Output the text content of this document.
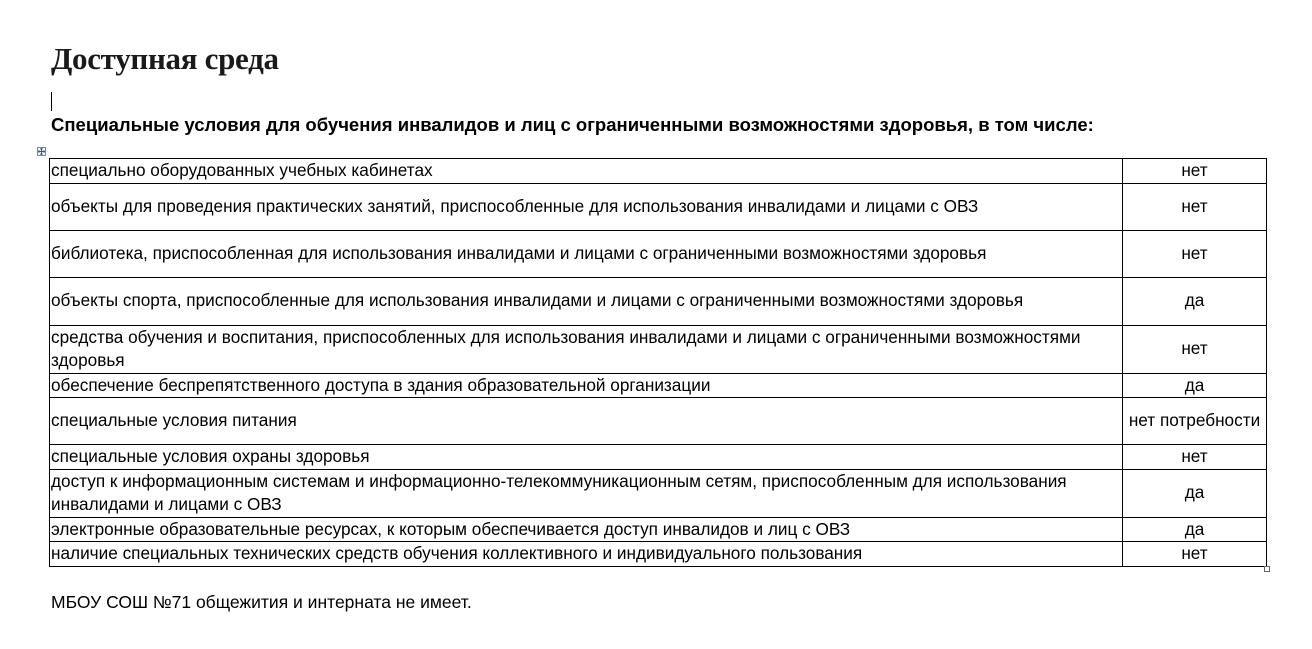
Доступная среда
Специальные условия для обучения инвалидов и лиц с ограниченными возможностями здоровья, в том числе:
специально оборудованных учебных кабинетах	нет
объекты для проведения практических занятий, приспособленные для использования инвалидами и лицами с ОВЗ	нет
библиотека, приспособленная для использования инвалидами и лицами с ограниченными возможностями здоровья	нет
объекты спорта, приспособленные для использования инвалидами и лицами с ограниченными возможностями здоровья	да
средства обучения и воспитания, приспособленных для использования инвалидами и лицами с ограниченными возможностями здоровья	нет
обеспечение беспрепятственного доступа в здания образовательной организации	да
специальные условия питания	нет потребности
специальные условия охраны здоровья	нет
доступ к информационным системам и информационно-телекоммуникационным сетям, приспособленным для использования инвалидами и лицами с ОВЗ	да
электронные образовательные ресурсах, к которым обеспечивается доступ инвалидов и лиц с ОВЗ	да
наличие специальных технических средств обучения коллективного и индивидуального пользования	нет
МБОУ СОШ №71 общежития и интерната не имеет.
